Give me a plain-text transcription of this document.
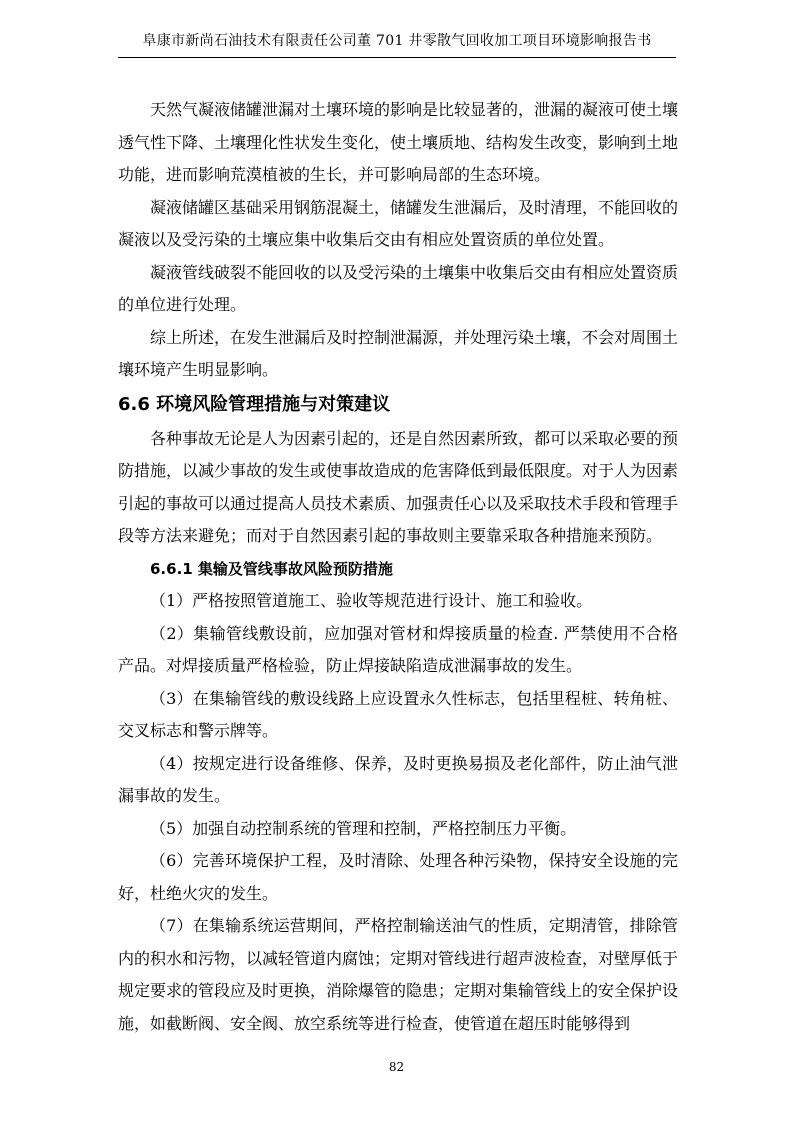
阜康市新尚石油技术有限责任公司董 701 井零散气回收加工项目环境影响报告书

天然气凝液储罐泄漏对土壤环境的影响是比较显著的，泄漏的凝液可使土壤透气性下降、土壤理化性状发生变化，使土壤质地、结构发生改变，影响到土地功能，进而影响荒漠植被的生长，并可影响局部的生态环境。

凝液储罐区基础采用钢筋混凝土，储罐发生泄漏后，及时清理，不能回收的凝液以及受污染的土壤应集中收集后交由有相应处置资质的单位处置。

凝液管线破裂不能回收的以及受污染的土壤集中收集后交由有相应处置资质的单位进行处理。

综上所述，在发生泄漏后及时控制泄漏源，并处理污染土壤，不会对周围土壤环境产生明显影响。

6.6 环境风险管理措施与对策建议

各种事故无论是人为因素引起的，还是自然因素所致，都可以采取必要的预防措施，以减少事故的发生或使事故造成的危害降低到最低限度。对于人为因素引起的事故可以通过提高人员技术素质、加强责任心以及采取技术手段和管理手段等方法来避免；而对于自然因素引起的事故则主要靠采取各种措施来预防。

6.6.1 集输及管线事故风险预防措施

（1）严格按照管道施工、验收等规范进行设计、施工和验收。

（2）集输管线敷设前，应加强对管材和焊接质量的检查. 严禁使用不合格产品。对焊接质量严格检验，防止焊接缺陷造成泄漏事故的发生。

（3）在集输管线的敷设线路上应设置永久性标志，包括里程桩、转角桩、交叉标志和警示牌等。

（4）按规定进行设备维修、保养，及时更换易损及老化部件，防止油气泄漏事故的发生。

（5）加强自动控制系统的管理和控制，严格控制压力平衡。

（6）完善环境保护工程，及时清除、处理各种污染物，保持安全设施的完好，杜绝火灾的发生。

（7）在集输系统运营期间，严格控制输送油气的性质，定期清管，排除管内的积水和污物，以减轻管道内腐蚀；定期对管线进行超声波检查，对壁厚低于规定要求的管段应及时更换，消除爆管的隐患；定期对集输管线上的安全保护设施，如截断阀、安全阀、放空系统等进行检查，使管道在超压时能够得到

82
